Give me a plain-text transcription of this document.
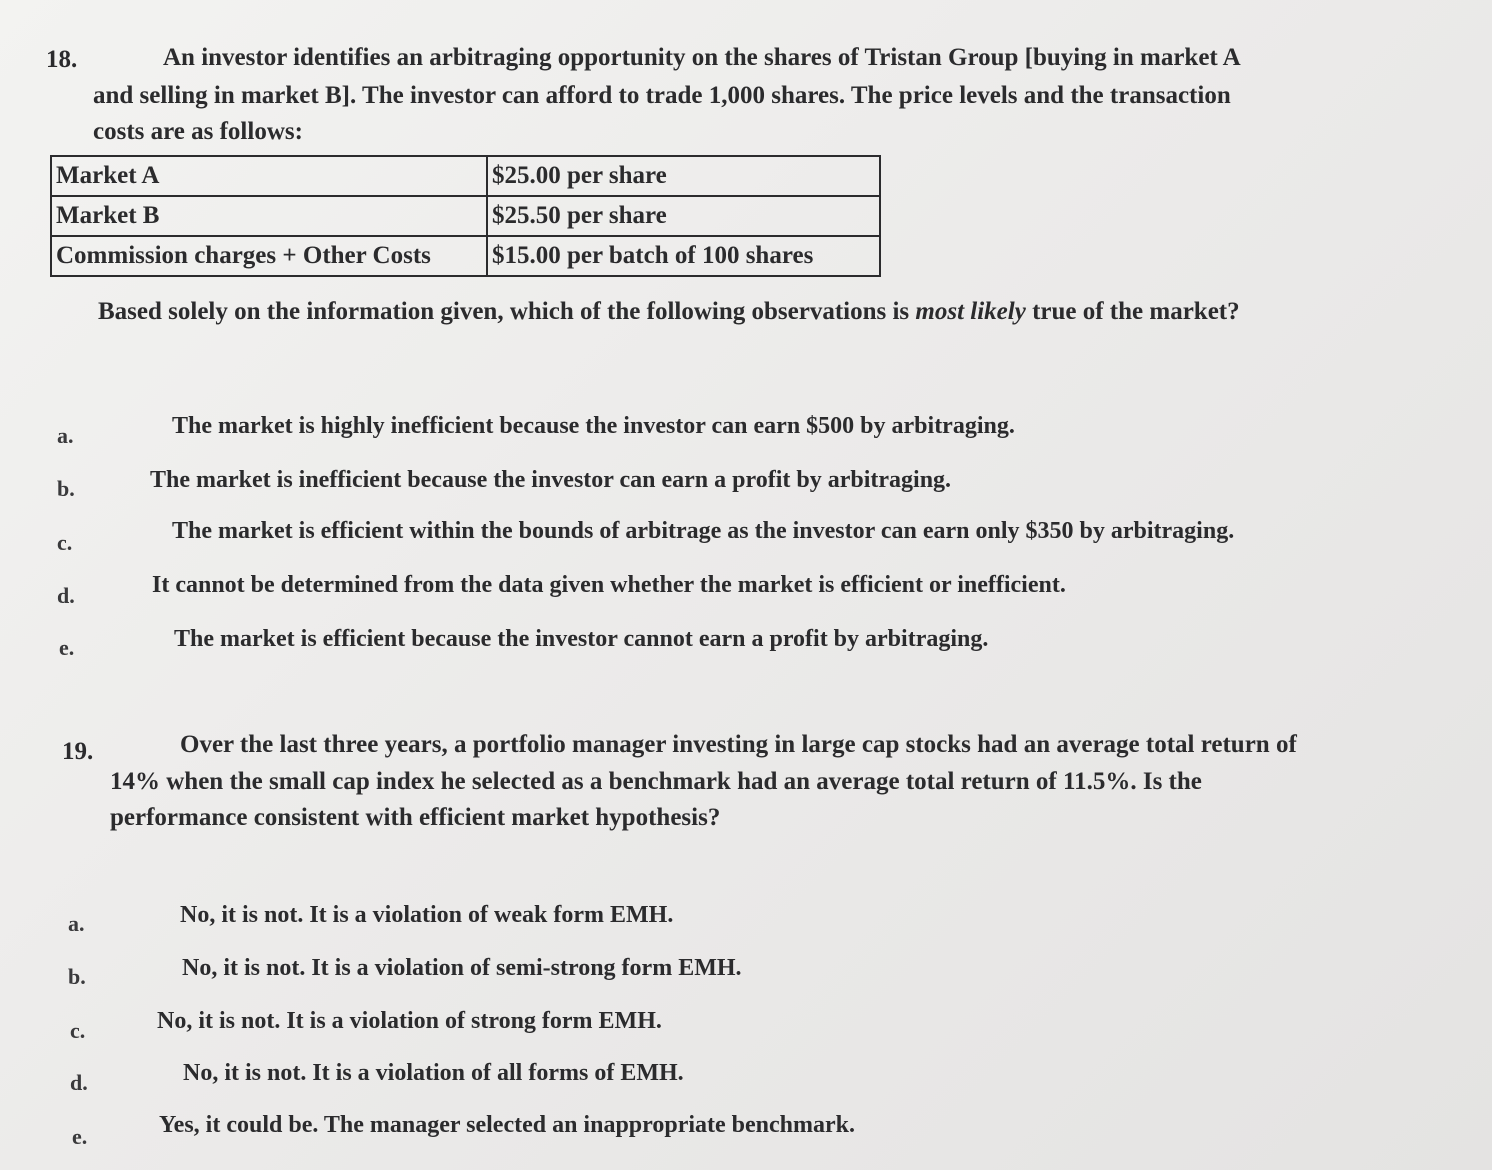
18.	An investor identifies an arbitraging opportunity on the shares of Tristan Group [buying in market A
and selling in market B]. The investor can afford to trade 1,000 shares. The price levels and the transaction
costs are as follows:
Market A	$25.00 per share
Market B	$25.50 per share
Commission charges + Other Costs	$15.00 per batch of 100 shares
Based solely on the information given, which of the following observations is most likely true of the market?
a.	The market is highly inefficient because the investor can earn $500 by arbitraging.
b.	The market is inefficient because the investor can earn a profit by arbitraging.
c.	The market is efficient within the bounds of arbitrage as the investor can earn only $350 by arbitraging.
d.	It cannot be determined from the data given whether the market is efficient or inefficient.
e.	The market is efficient because the investor cannot earn a profit by arbitraging.
19.	Over the last three years, a portfolio manager investing in large cap stocks had an average total return of
14% when the small cap index he selected as a benchmark had an average total return of 11.5%. Is the
performance consistent with efficient market hypothesis?
a.	No, it is not. It is a violation of weak form EMH.
b.	No, it is not. It is a violation of semi-strong form EMH.
c.	No, it is not. It is a violation of strong form EMH.
d.	No, it is not. It is a violation of all forms of EMH.
e.	Yes, it could be. The manager selected an inappropriate benchmark.
